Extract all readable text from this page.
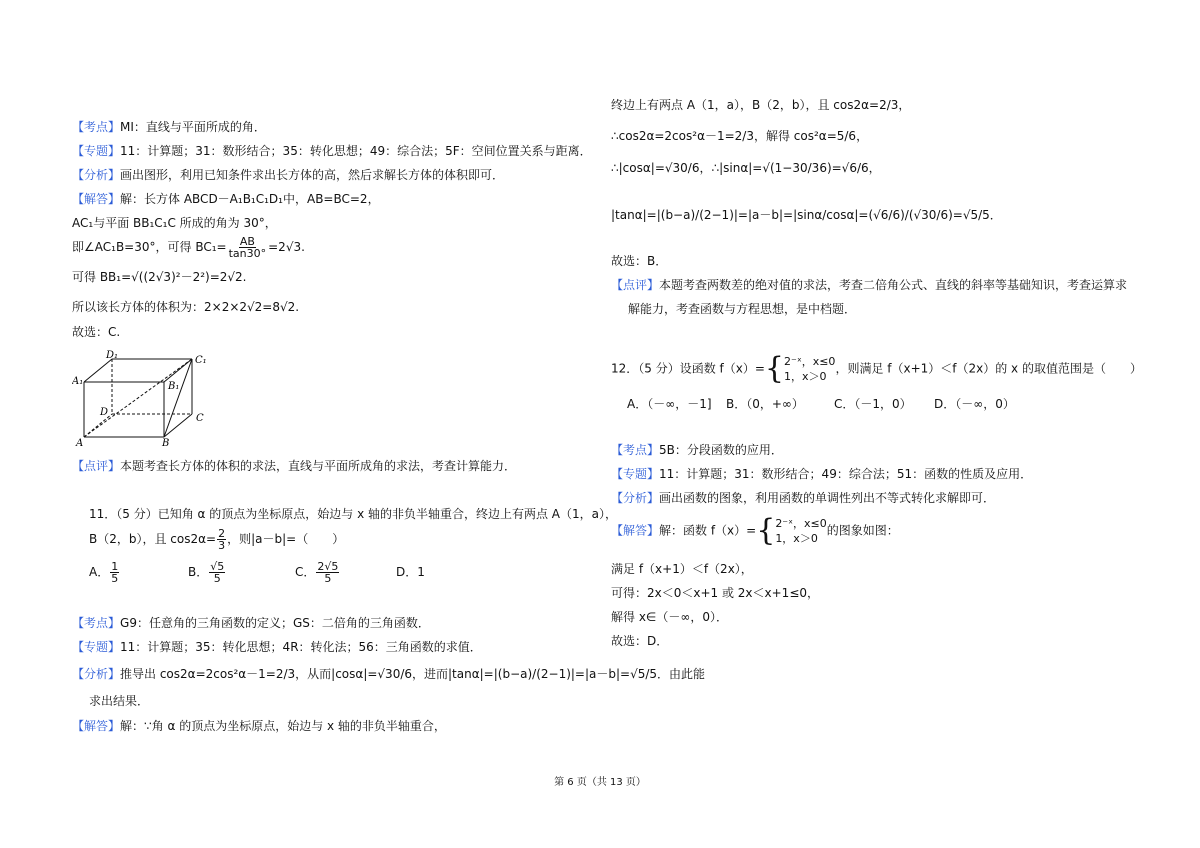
【考点】MI：直线与平面所成的角．
【专题】11：计算题；31：数形结合；35：转化思想；49：综合法；5F：空间位置关系与距离．
【分析】画出图形，利用已知条件求出长方体的高，然后求解长方体的体积即可．
【解答】解：长方体 ABCD－A₁B₁C₁D₁中，AB=BC=2，
AC₁与平面 BB₁C₁C 所成的角为 30°，
即∠AC₁B=30°，可得 $BC_1= \frac{AB}{\tan 30^\circ} =2√3$.
可得 BB₁=√((2√3)²－2²)=2√2.
所以该长方体的体积为：2×2×2√2=8√2.
故选：C.
D₁	C₁
A₁	B₁
D
C
A	B
【点评】本题考查长方体的体积的求法，直线与平面所成角的求法，考查计算能力．
11．（5 分）已知角 α 的顶点为坐标原点，始边与 x 轴的非负半轴重合，终边上有两点 A（1，a），
B（2，b），且 $\cos 2\alpha= \frac{2}{3}$ ，则|a－b|=（　　）
A． $\frac{1}{5}$	B． $\frac{√5}{5}$	C． $\frac{2√5}{5}$	D．1
【考点】G9：任意角的三角函数的定义；GS：二倍角的三角函数．
【专题】11：计算题；35：转化思想；4R：转化法；56：三角函数的求值．
【分析】推导出 cos2α=2cos²α－1=2/3，从而|cosα|=√30/6，进而|tanα|=|(b−a)/(2−1)|=|a－b|=√5/5．由此能
求出结果．
【解答】解：∵角 α 的顶点为坐标原点，始边与 x 轴的非负半轴重合，
终边上有两点 A（1，a），B（2，b），且 cos2α=2/3，
∴cos2α=2cos²α－1=2/3，解得 cos²α=5/6，
∴|cosα|=√30/6，∴|sinα|=√(1−30/36)=√6/6，
|tanα|=|(b−a)/(2−1)|=|a－b|=|sinα/cosα|=(√6/6)/(√30/6)=√5/5．
故选：B．
【点评】本题考查两数差的绝对值的求法，考查二倍角公式、直线的斜率等基础知识，考查运算求
解能力，考查函数与方程思想，是中档题．
12．（5 分）设函数 f（x）={ 2⁻ˣ，x≤0
1，x＞0
，则满足 f（x+1）＜f（2x）的 x 的取值范围是（　　）
A．（－∞，－1] B．（0，+∞）	C．（－1，0） D．（－∞，0）
【考点】5B：分段函数的应用．
【专题】11：计算题；31：数形结合；49：综合法；51：函数的性质及应用．
【分析】画出函数的图象，利用函数的单调性列出不等式转化求解即可．
【解答】解：函数 f（x）={ 2⁻ˣ，x≤0
1，x＞0
的图象如图：
满足 f（x+1）＜f（2x），
可得：2x＜0＜x+1 或 2x＜x+1≤0，
解得 x∈（－∞，0）．
故选：D．
第 6 页（共 13 页）
